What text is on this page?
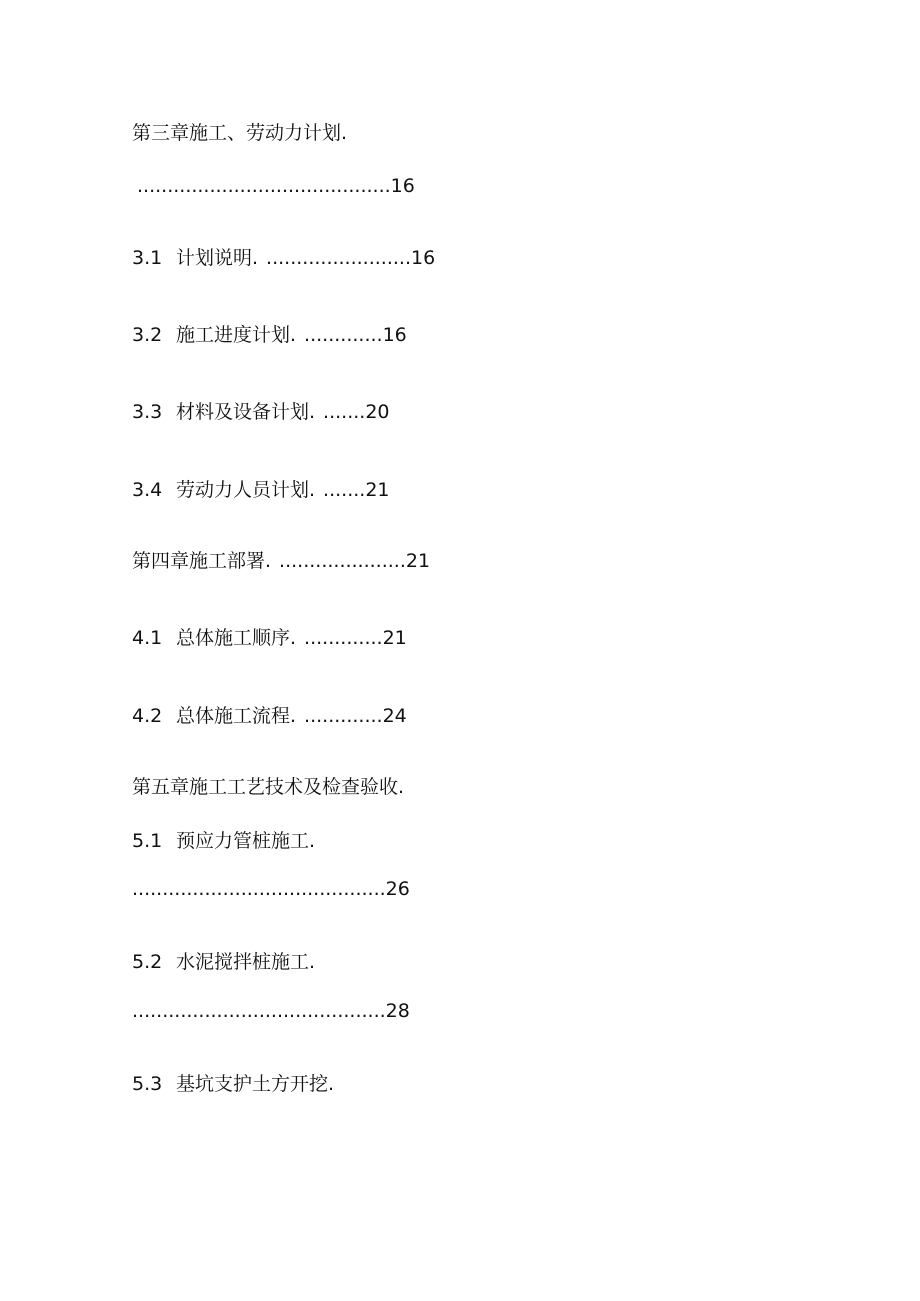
第三章施工、劳动力计划.
..........................................16
3.1 计划说明. ........................16
3.2 施工进度计划. .............16
3.3 材料及设备计划. .......20
3.4 劳动力人员计划. .......21
第四章施工部署. .....................21
4.1 总体施工顺序. .............21
4.2 总体施工流程. .............24
第五章施工工艺技术及检查验收.
5.1 预应力管桩施工.
..........................................26
5.2 水泥搅拌桩施工.
..........................................28
5.3 基坑支护土方开挖.
